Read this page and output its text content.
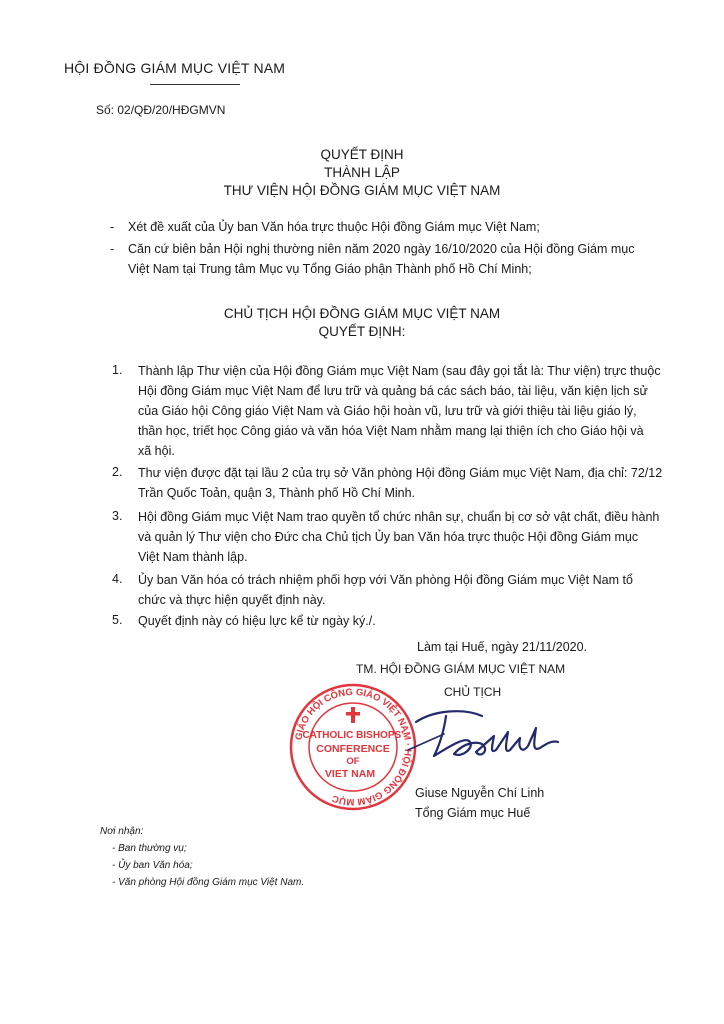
HỘI ĐỒNG GIÁM MỤC VIỆT NAM
Số: 02/QĐ/20/HĐGMVN
QUYẾT ĐỊNH
THÀNH LẬP
THƯ VIỆN HỘI ĐỒNG GIÁM MỤC VIỆT NAM
- Xét đề xuất của Ủy ban Văn hóa trực thuộc Hội đồng Giám mục Việt Nam;
- Căn cứ biên bản Hội nghị thường niên năm 2020 ngày 16/10/2020 của Hội đồng Giám mục
Việt Nam tại Trung tâm Mục vụ Tổng Giáo phận Thành phố Hồ Chí Minh;
CHỦ TỊCH HỘI ĐỒNG GIÁM MỤC VIỆT NAM
QUYẾT ĐỊNH:
1. Thành lập Thư viện của Hội đồng Giám mục Việt Nam (sau đây gọi tắt là: Thư viện) trực thuộc
Hội đồng Giám mục Việt Nam để lưu trữ và quảng bá các sách báo, tài liệu, văn kiện lịch sử
của Giáo hội Công giáo Việt Nam và Giáo hội hoàn vũ, lưu trữ và giới thiệu tài liệu giáo lý,
thần học, triết học Công giáo và văn hóa Việt Nam nhằm mang lại thiện ích cho Giáo hội và
xã hội.
2. Thư viện được đặt tại lầu 2 của trụ sở Văn phòng Hội đồng Giám mục Việt Nam, địa chỉ: 72/12
Trần Quốc Toản, quận 3, Thành phố Hồ Chí Minh.
3. Hội đồng Giám mục Việt Nam trao quyền tổ chức nhân sự, chuẩn bị cơ sở vật chất, điều hành
và quản lý Thư viện cho Đức cha Chủ tịch Ủy ban Văn hóa trực thuộc Hội đồng Giám mục
Việt Nam thành lập.
4. Ủy ban Văn hóa có trách nhiệm phối hợp với Văn phòng Hội đồng Giám mục Việt Nam tổ
chức và thực hiện quyết định này.
5. Quyết định này có hiệu lực kể từ ngày ký./.
Làm tại Huế, ngày 21/11/2020.
TM. HỘI ĐỒNG GIÁM MỤC VIỆT NAM
CHỦ TỊCH
GIÁO HỘI CÔNG GIÁO VIỆT NAM · HỘI ĐỒNG GIÁM MỤC
CATHOLIC BISHOPS'
CONFERENCE
OF
VIET NAM
Giuse Nguyễn Chí Linh
Tổng Giám mục Huế
Nơi nhận:
- Ban thường vụ;
- Ủy ban Văn hóa;
- Văn phòng Hội đồng Giám mục Việt Nam.
